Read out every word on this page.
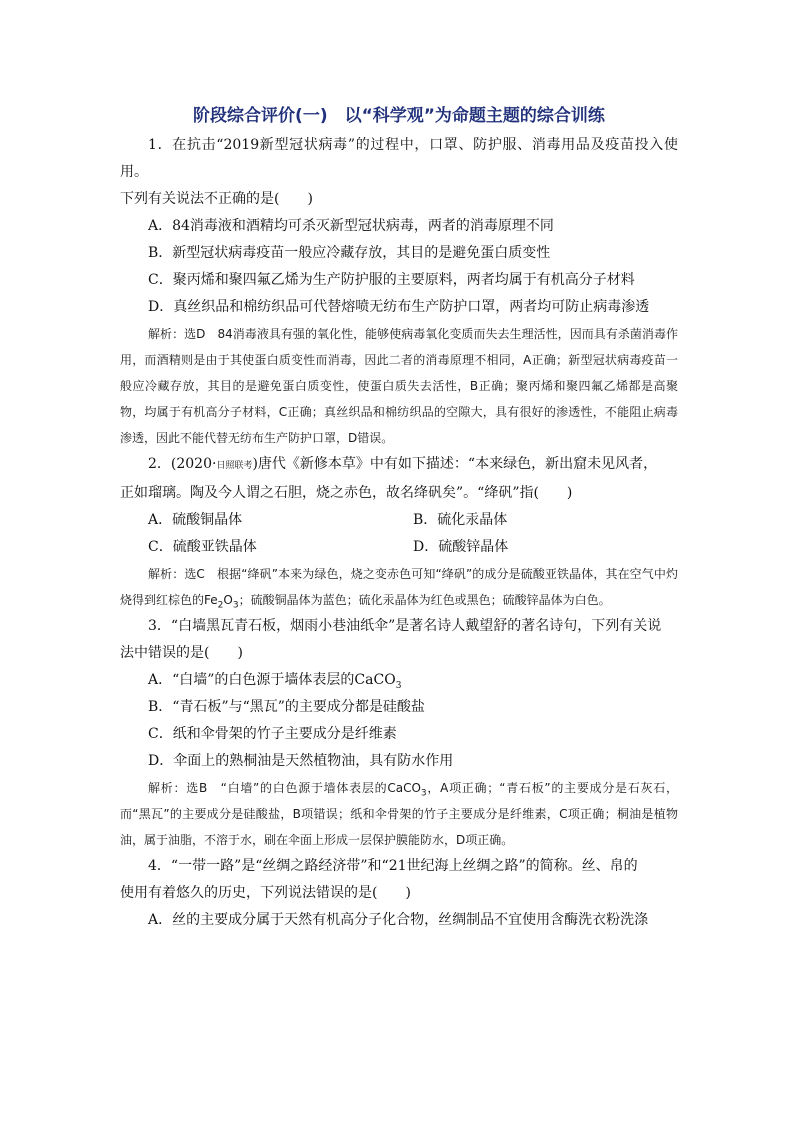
阶段综合评价(一)　以“科学观”为命题主题的综合训练

1．在抗击“2019新型冠状病毒”的过程中，口罩、防护服、消毒用品及疫苗投入使用。

下列有关说法不正确的是(　　)

A．84消毒液和酒精均可杀灭新型冠状病毒，两者的消毒原理不同

B．新型冠状病毒疫苗一般应冷藏存放，其目的是避免蛋白质变性

C．聚丙烯和聚四氟乙烯为生产防护服的主要原料，两者均属于有机高分子材料

D．真丝织品和棉纺织品可代替熔喷无纺布生产防护口罩，两者均可防止病毒渗透

解析：选D　84消毒液具有强的氧化性，能够使病毒氧化变质而失去生理活性，因而具有杀菌消毒作用，而酒精则是由于其使蛋白质变性而消毒，因此二者的消毒原理不相同，A正确；新型冠状病毒疫苗一般应冷藏存放，其目的是避免蛋白质变性，使蛋白质失去活性，B正确；聚丙烯和聚四氟乙烯都是高聚物，均属于有机高分子材料，C正确；真丝织品和棉纺织品的空隙大，具有很好的渗透性，不能阻止病毒渗透，因此不能代替无纺布生产防护口罩，D错误。

2．(2020·日照联考)唐代《新修本草》中有如下描述：“本来绿色，新出窟未见风者，

正如瑠璃。陶及今人谓之石胆，烧之赤色，故名绛矾矣”。“绛矾”指(　　)

A．硫酸铜晶体	B．硫化汞晶体
C．硫酸亚铁晶体	D．硫酸锌晶体

解析：选C　根据“绛矾”本来为绿色，烧之变赤色可知“绛矾”的成分是硫酸亚铁晶体，其在空气中灼烧得到红棕色的$Fe_2O_3$；硫酸铜晶体为蓝色；硫化汞晶体为红色或黑色；硫酸锌晶体为白色。

3．“白墙黑瓦青石板，烟雨小巷油纸伞”是著名诗人戴望舒的著名诗句，下列有关说

法中错误的是(　　)

A．“白墙”的白色源于墙体表层的CaCO$_3$

B．“青石板”与“黑瓦”的主要成分都是硅酸盐

C．纸和伞骨架的竹子主要成分是纤维素

D．伞面上的熟桐油是天然植物油，具有防水作用

解析：选B　“白墙”的白色源于墙体表层的CaCO$_3$，A项正确；“青石板”的主要成分是石灰石，而“黑瓦”的主要成分是硅酸盐，B项错误；纸和伞骨架的竹子主要成分是纤维素，C项正确；桐油是植物油，属于油脂，不溶于水，刷在伞面上形成一层保护膜能防水，D项正确。

4．“一带一路”是“丝绸之路经济带”和“21世纪海上丝绸之路”的简称。丝、帛的

使用有着悠久的历史，下列说法错误的是(　　)

A．丝的主要成分属于天然有机高分子化合物，丝绸制品不宜使用含酶洗衣粉洗涤
